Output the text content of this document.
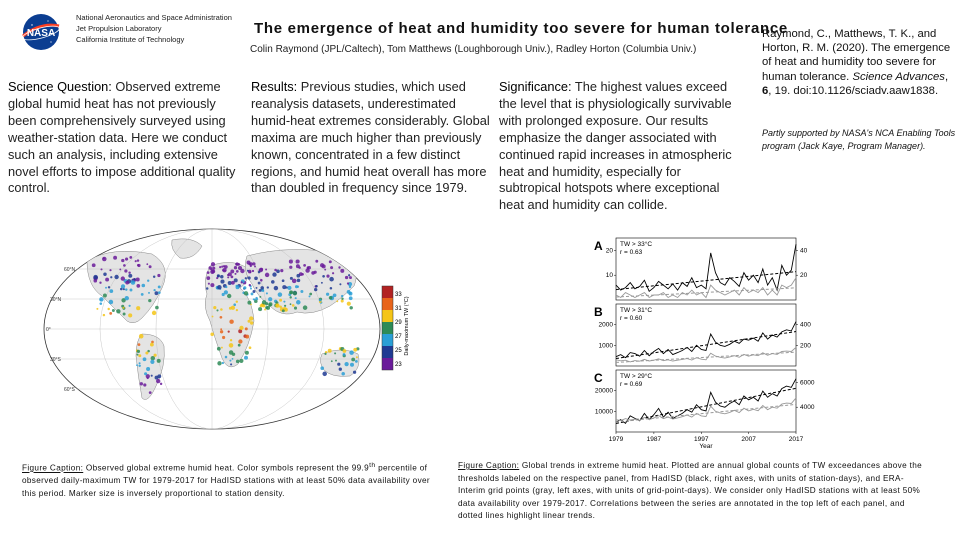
NASA
National Aeronautics and Space Administration
Jet Propulsion Laboratory
California Institute of Technology
The emergence of heat and humidity too severe for human tolerance
Colin Raymond (JPL/Caltech), Tom Matthews (Loughborough Univ.), Radley Horton (Columbia Univ.)
Science Question: Observed extreme global humid heat has not previously been comprehensively surveyed using weather-station data. Here we conduct such an analysis, including extensive novel efforts to impose additional quality control.
Results: Previous studies, which used reanalysis datasets, underestimated humid-heat extremes considerably. Global maxima are much higher than previously known, concentrated in a few distinct regions, and humid heat overall has more than doubled in frequency since 1979.
Significance: The highest values exceed the level that is physiologically survivable with prolonged exposure. Our results emphasize the danger associated with continued rapid increases in atmospheric heat and humidity, especially for subtropical hotspots where exceptional heat and humidity can collide.
Raymond, C., Matthews, T. K., and Horton, R. M. (2020). The emergence of heat and humidity too severe for human tolerance. Science Advances, 6, 19. doi:10.1126/sciadv.aaw1838.
Partly supported by NASA's NCA Enabling Tools program (Jack Kaye, Program Manager).
60°N
30°N
0°
30°S
60°S
33
31
29
27
25
23
Daily-maximum TW (°C)
A	TW > 33°C
r = 0.63
20
10
40
20
B	TW > 31°C
r = 0.60
2000
1000
400
200
C	TW > 29°C
r = 0.69
20000
10000
6000
4000
1979	1987	1997	2007	2017
Year
Figure Caption: Observed global extreme humid heat. Color symbols represent the 99.9th percentile of observed daily-maximum TW for 1979-2017 for HadISD stations with at least 50% data availability over this period. Marker size is inversely proportional to station density.
Figure Caption: Global trends in extreme humid heat. Plotted are annual global counts of TW exceedances above the thresholds labeled on the respective panel, from HadISD (black, right axes, with units of station-days), and ERA-Interim grid points (gray, left axes, with units of grid-point-days). We consider only HadISD stations with at least 50% data availability over 1979-2017. Correlations between the series are annotated in the top left of each panel, and dotted lines highlight linear trends.
